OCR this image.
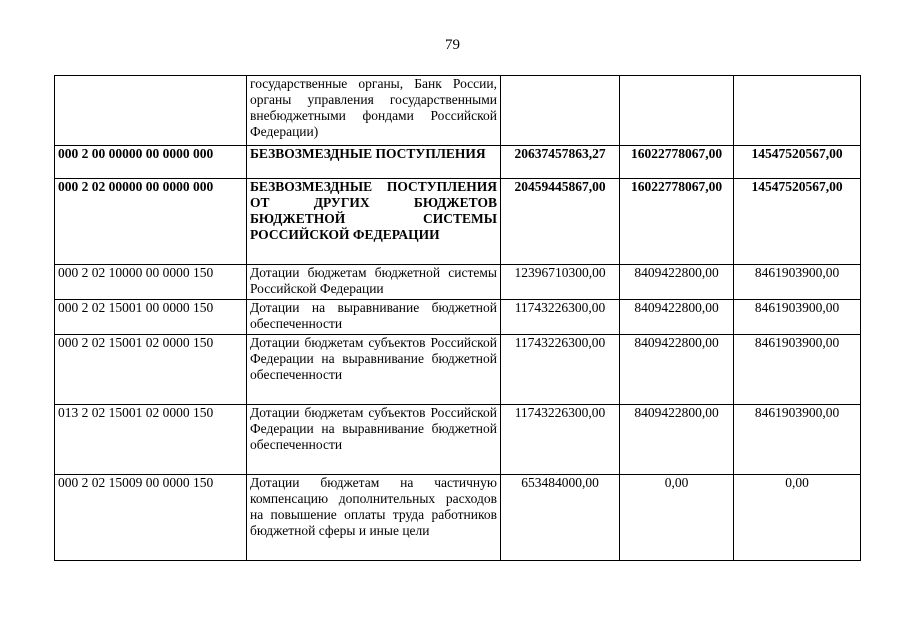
79
	государственные органы, Банк России, органы управления государственными внебюджетными фондами Российской Федерации)			
000 2 00 00000 00 0000 000	БЕЗВОЗМЕЗДНЫЕ ПОСТУПЛЕНИЯ	20637457863,27	16022778067,00	14547520567,00
000 2 02 00000 00 0000 000	БЕЗВОЗМЕЗДНЫЕ ПОСТУПЛЕНИЯ ОТ ДРУГИХ БЮДЖЕТОВ БЮДЖЕТНОЙ СИСТЕМЫ РОССИЙСКОЙ ФЕДЕРАЦИИ	20459445867,00	16022778067,00	14547520567,00
000 2 02 10000 00 0000 150	Дотации бюджетам бюджетной системы Российской Федерации	12396710300,00	8409422800,00	8461903900,00
000 2 02 15001 00 0000 150	Дотации на выравнивание бюджетной обеспеченности	11743226300,00	8409422800,00	8461903900,00
000 2 02 15001 02 0000 150	Дотации бюджетам субъектов Российской Федерации на выравнивание бюджетной обеспеченности	11743226300,00	8409422800,00	8461903900,00
013 2 02 15001 02 0000 150	Дотации бюджетам субъектов Российской Федерации на выравнивание бюджетной обеспеченности	11743226300,00	8409422800,00	8461903900,00
000 2 02 15009 00 0000 150	Дотации бюджетам на частичную компенсацию дополнительных расходов на повышение оплаты труда работников бюджетной сферы и иные цели	653484000,00	0,00	0,00
